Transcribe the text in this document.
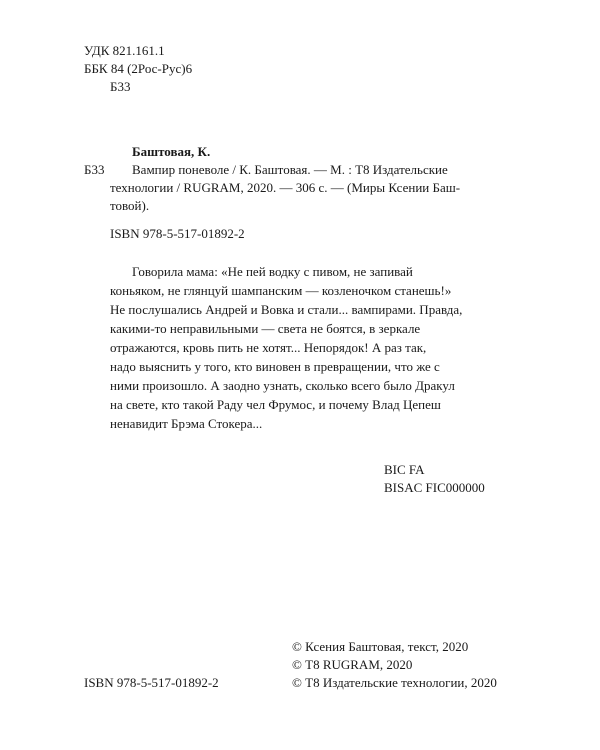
УДК 821.161.1
ББК 84 (2Рос-Рус)6
Б33
Б33
Баштовая, К.
Вампир поневоле / К. Баштовая. — М. : Т8 Издательские
технологии / RUGRAM, 2020. — 306 с. — (Миры Ксении Баш-
товой).
ISBN 978-5-517-01892-2
Говорила мама: «Не пей водку с пивом, не запивай
коньяком, не глянцуй шампанским — козленочком станешь!»
Не послушались Андрей и Вовка и стали... вампирами. Правда,
какими-то неправильными — света не боятся, в зеркале
отражаются, кровь пить не хотят... Непорядок! А раз так,
надо выяснить у того, кто виновен в превращении, что же с
ними произошло. А заодно узнать, сколько всего было Дракул
на свете, кто такой Раду чел Фрумос, и почему Влад Цепеш
ненавидит Брэма Стокера...
BIC FA
BISAC FIC000000
© Ксения Баштовая, текст, 2020
© Т8 RUGRAM, 2020
ISBN 978-5-517-01892-2	© Т8 Издательские технологии, 2020
